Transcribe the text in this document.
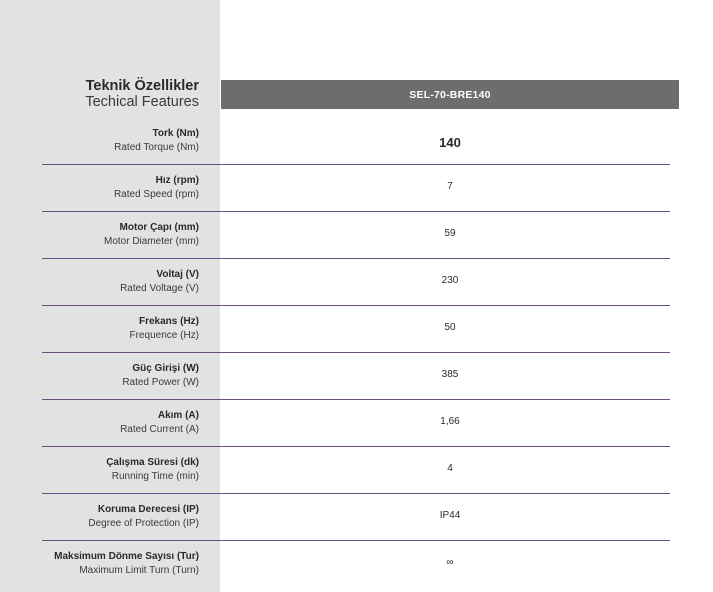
Teknik Özellikler
Techical Features	SEL-70-BRE140
Tork (Nm)
Rated Torque (Nm)	140
Hız (rpm)
Rated Speed (rpm)
7
Motor Çapı (mm)
Motor Diameter (mm)
59
Voltaj (V)
Rated Voltage (V)
230
Frekans (Hz)
Frequence (Hz)
50
Güç Girişi (W)
Rated Power (W)
385
Akım (A)
Rated Current (A)
1,66
Çalışma Süresi (dk)
Running Time (min)
4
Koruma Derecesi (IP)
Degree of Protection (IP)
IP44
Maksimum Dönme Sayısı (Tur)
Maximum Limit Turn (Turn)
∞
